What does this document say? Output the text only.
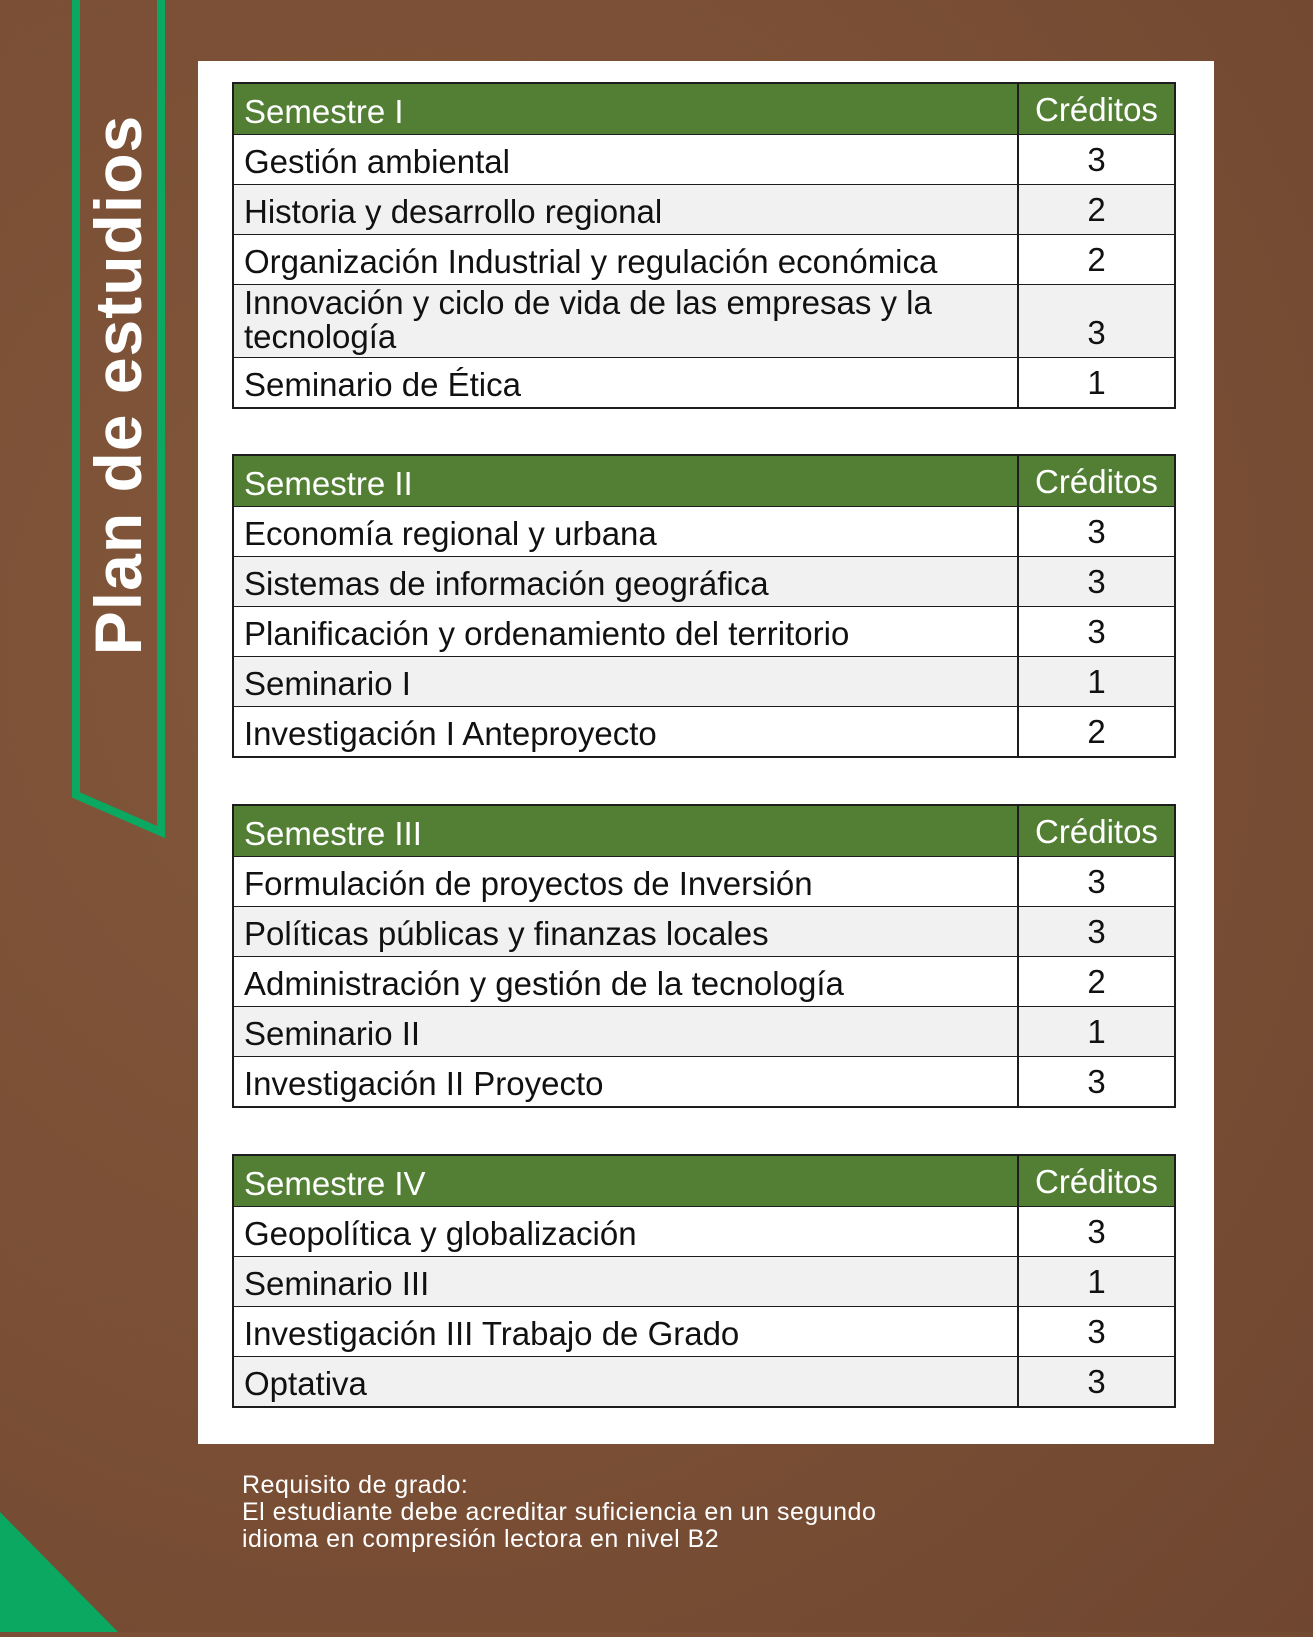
Plan de estudios
Semestre I	Créditos
Gestión ambiental	3
Historia y desarrollo regional	2
Organización Industrial y regulación económica	2
Innovación y ciclo de vida de las empresas y la tecnología	3
Seminario de Ética	1
Semestre II	Créditos
Economía regional y urbana	3
Sistemas de información geográfica	3
Planificación y ordenamiento del territorio	3
Seminario I	1
Investigación I Anteproyecto	2
Semestre III	Créditos
Formulación de proyectos de Inversión	3
Políticas públicas y finanzas locales	3
Administración y gestión de la tecnología	2
Seminario II	1
Investigación II Proyecto	3
Semestre IV	Créditos
Geopolítica y globalización	3
Seminario III	1
Investigación III Trabajo de Grado	3
Optativa	3
Requisito de grado:
El estudiante debe acreditar suficiencia en un segundo
idioma en compresión lectora en nivel B2
